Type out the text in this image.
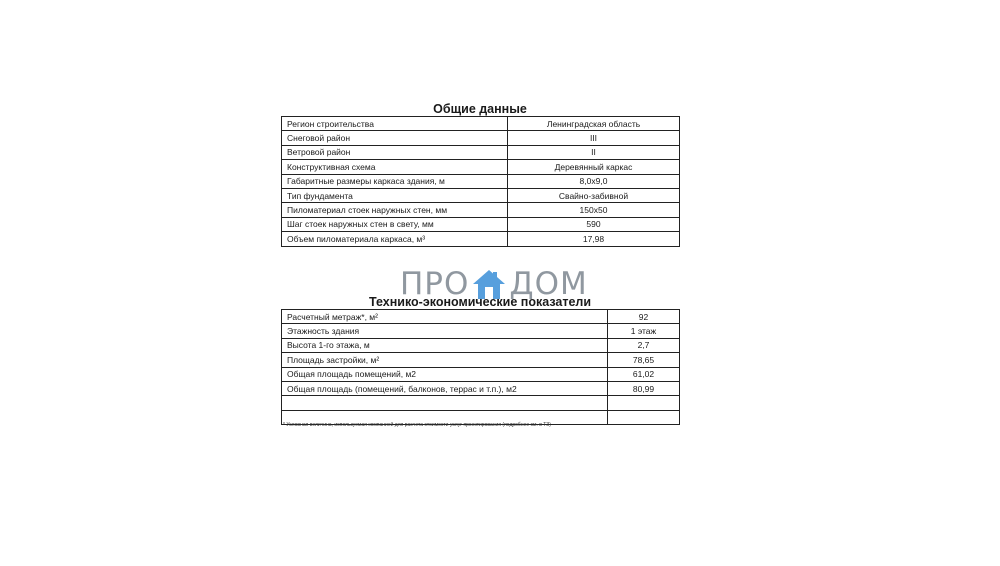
Общие данные
Регион строительства	Ленинградская область
Снеговой район	III
Ветровой район	II
Конструктивная схема	Деревянный каркас
Габаритные размеры каркаса здания, м	8,0x9,0
Тип фундамента	Свайно-забивной
Пиломатериал стоек наружных стен, мм	150x50
Шаг стоек наружных стен в свету, мм	590
Объем пиломатериала каркаса, м³	17,98
ПРО ДОМ
Технико-экономические показатели
Расчетный метраж*, м²	92
Этажность здания	1 этаж
Высота 1-го этажа, м	2,7
Площадь застройки, м²	78,65
Общая площадь помещений, м2	61,02
Общая площадь (помещений, балконов, террас и т.п.), м2	80,99

* Условная величина, используемая компанией для расчета стоимости услуг проектирования (подробнее см. в ТЗ)
